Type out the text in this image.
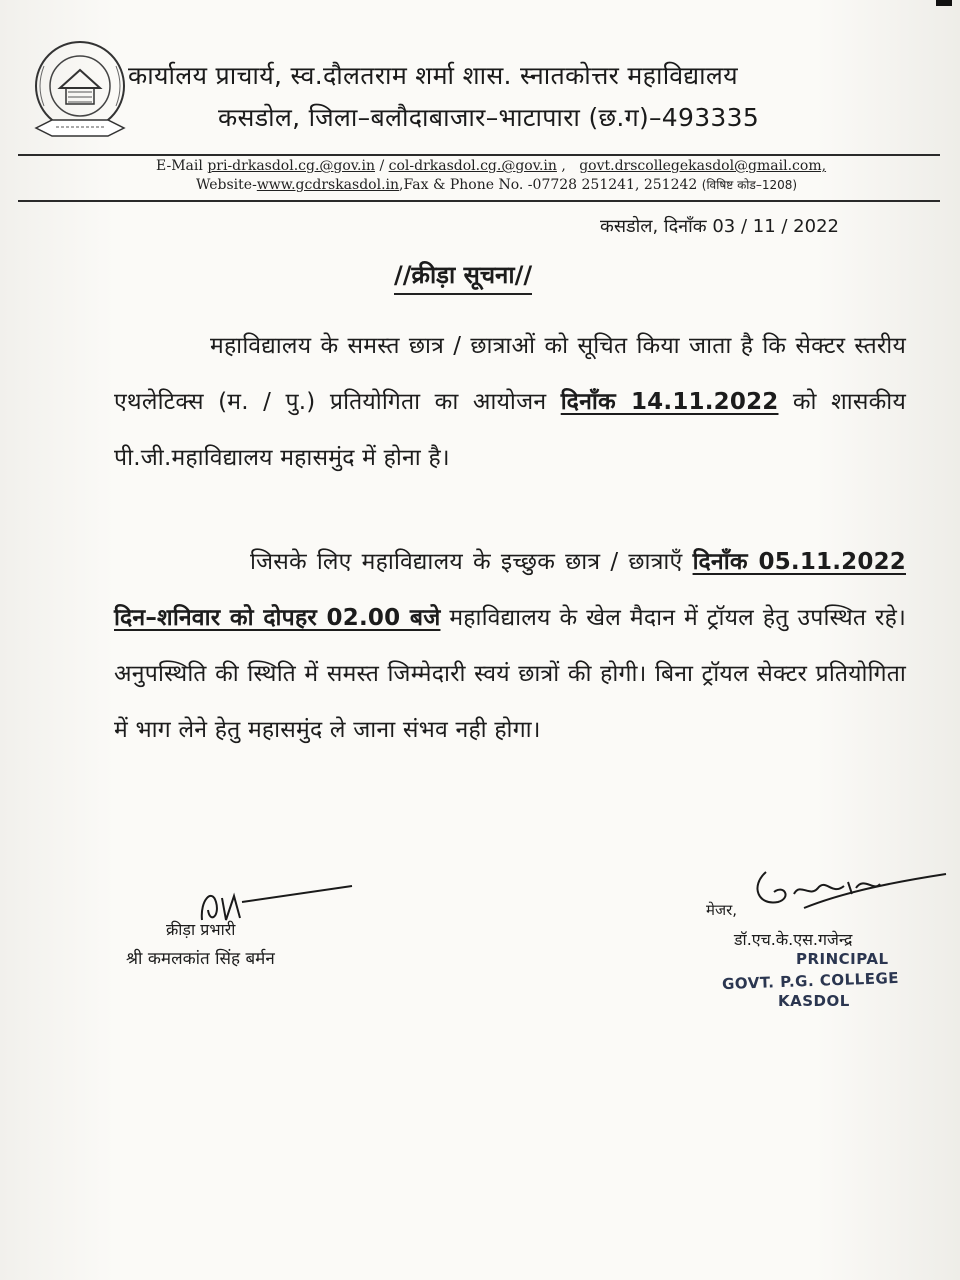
कार्यालय प्राचार्य, स्व.दौलतराम शर्मा शास. स्नातकोत्तर महाविद्यालय
कसडोल, जिला–बलौदाबाजार–भाटापारा (छ.ग)–493335
E-Mail pri-drkasdol.cg.@gov.in / col-drkasdol.cg.@gov.in ,   govt.drscollegekasdol@gmail.com,
Website-www.gcdrskasdol.in,Fax & Phone No. -07728 251241, 251242 (विषिष्ट कोड–1208)
कसडोल, दिनाँक 03 / 11 / 2022
//क्रीड़ा सूचना//
महाविद्यालय के समस्त छात्र / छात्राओं को सूचित किया जाता है कि सेक्टर स्तरीय एथलेटिक्स (म. / पु.) प्रतियोगिता का आयोजन दिनाँक 14.11.2022 को शासकीय पी.जी.महाविद्यालय महासमुंद में होना है।
जिसके लिए महाविद्यालय के इच्छुक छात्र / छात्राएँ दिनाँक 05.11.2022 दिन–शनिवार को दोपहर 02.00 बजे महाविद्यालय के खेल मैदान में ट्रॉयल हेतु उपस्थित रहे। अनुपस्थिति की स्थिति में समस्त जिम्मेदारी स्वयं छात्रों की होगी। बिना ट्रॉयल सेक्टर प्रतियोगिता में भाग लेने हेतु महासमुंद ले जाना संभव नही होगा।
क्रीड़ा प्रभारी
श्री कमलकांत सिंह बर्मन
मेजर,
डॉ.एच.के.एस.गजेन्द्र
PRINCIPAL
GOVT. P.G. COLLEGE
KASDOL
